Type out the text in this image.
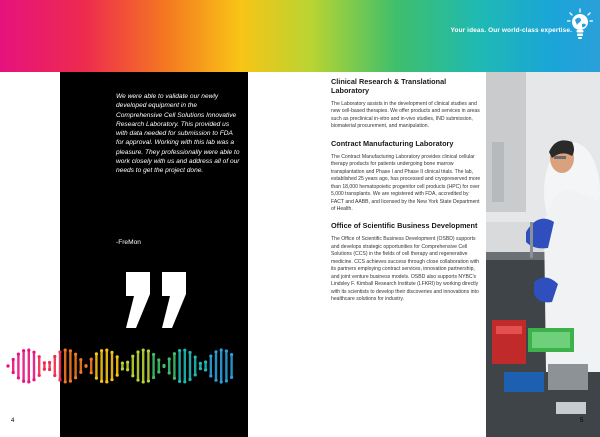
Your ideas. Our world-class expertise.
We were able to validate our newly developed equipment in the Comprehensive Cell Solutions Innovative Research Laboratory. This provided us with data needed for submission to FDA for approval. Working with this lab was a pleasure. They professionally were able to work closely with us and address all of our needs to get the project done.
-FreMon
Clinical Research & Translational Laboratory
The Laboratory assists in the development of clinical studies and new cell-based therapies. We offer products and services in areas such as preclinical in-vitro and in-vivo studies, IND submission, biomaterial procurement, and manipulation.
Contract Manufacturing Laboratory
The Contract Manufacturing Laboratory provides clinical cellular therapy products for patients undergoing bone marrow transplantation and Phase I and Phase II clinical trials. The lab, established 25 years ago, has processed and cryopreserved more than 18,000 hematopoietic progenitor cell products (HPC) for over 5,000 transplants. We are registered with FDA, accredited by FACT and AABB, and licensed by the New York State Department of Health.
Office of Scientific Business Development
The Office of Scientific Business Development (OSBD) supports and develops strategic opportunities for Comprehensive Cell Solutions (CCS) in the fields of cell therapy and regenerative medicine. CCS achieves success through close collaboration with its partners employing contract services, innovation partnership, and joint venture business models. OSBD also supports NYBC's Lindsley F. Kimball Research Institute (LFKRI) by working directly with its scientists to develop their discoveries and innovations into healthcare solutions for industry.
4	5
